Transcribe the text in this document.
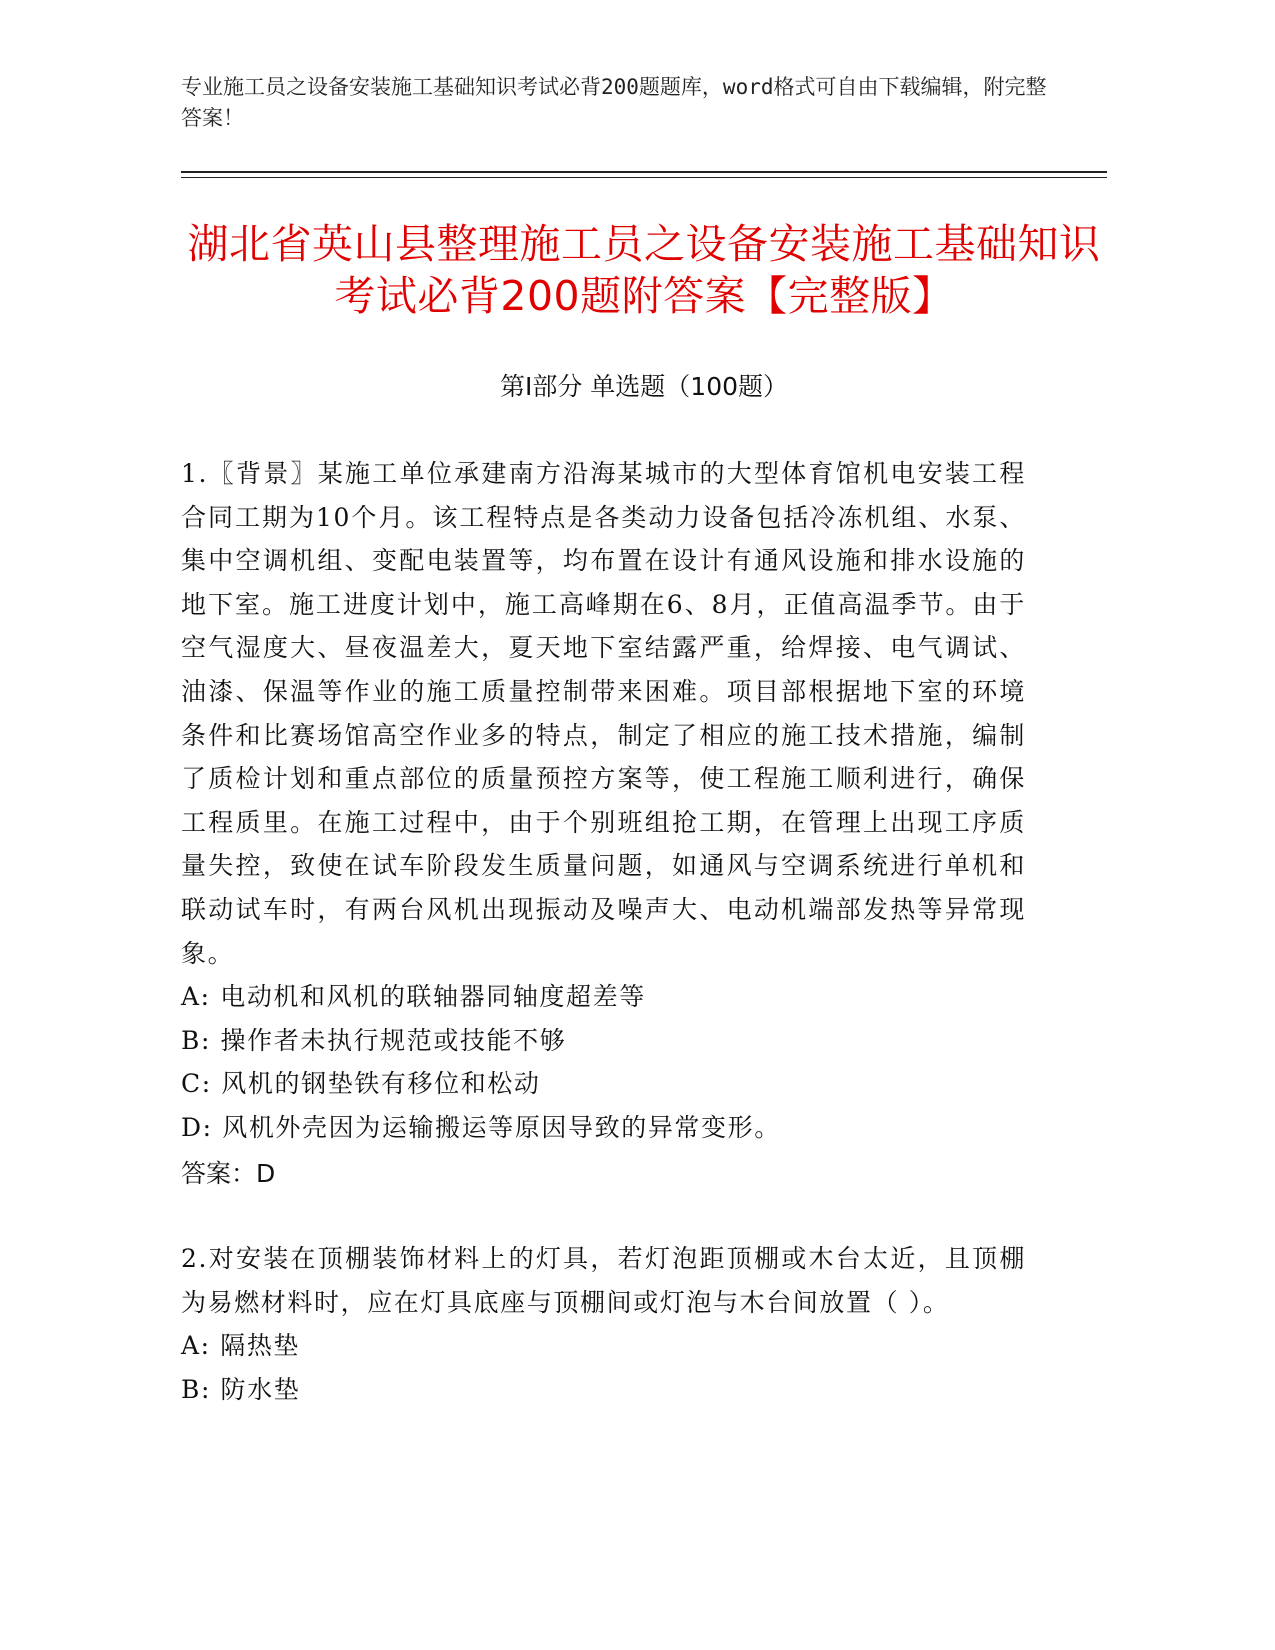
专业施工员之设备安装施工基础知识考试必背200题题库，word格式可自由下载编辑，附完整答案！
湖北省英山县整理施工员之设备安装施工基础知识考试必背200题附答案【完整版】
第Ⅰ部分 单选题（100题）
1.〖背景〗某施工单位承建南方沿海某城市的大型体育馆机电安装工程合同工期为10个月。该工程特点是各类动力设备包括冷冻机组、水泵、集中空调机组、变配电装置等，均布置在设计有通风设施和排水设施的地下室。施工进度计划中，施工高峰期在6、8月，正值高温季节。由于空气湿度大、昼夜温差大，夏天地下室结露严重，给焊接、电气调试、油漆、保温等作业的施工质量控制带来困难。项目部根据地下室的环境条件和比赛场馆高空作业多的特点，制定了相应的施工技术措施，编制了质检计划和重点部位的质量预控方案等，使工程施工顺利进行，确保工程质里。在施工过程中，由于个别班组抢工期，在管理上出现工序质量失控，致使在试车阶段发生质量问题，如通风与空调系统进行单机和联动试车时，有两台风机出现振动及噪声大、电动机端部发热等异常现象。
A: 电动机和风机的联轴器同轴度超差等
B: 操作者未执行规范或技能不够
C: 风机的钢垫铁有移位和松动
D: 风机外壳因为运输搬运等原因导致的异常变形。
答案：D
2.对安装在顶棚装饰材料上的灯具，若灯泡距顶棚或木台太近，且顶棚为易燃材料时，应在灯具底座与顶棚间或灯泡与木台间放置（ ）。
A: 隔热垫
B: 防水垫
